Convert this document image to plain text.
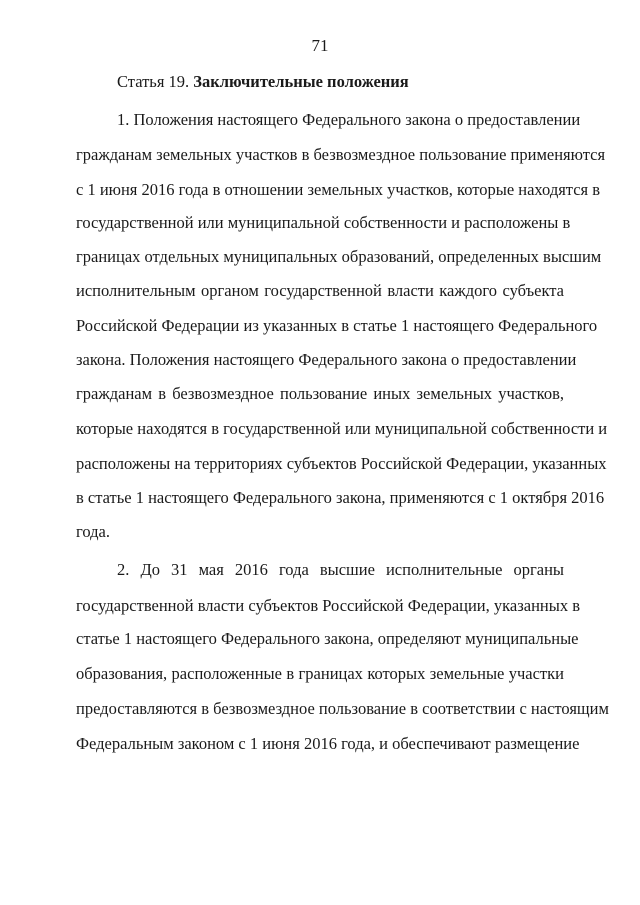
71
Статья 19. Заключительные положения
1. Положения настоящего Федерального закона о предоставлении
гражданам земельных участков в безвозмездное пользование применяются
с 1 июня 2016 года в отношении земельных участков, которые находятся в
государственной или муниципальной собственности и расположены в
границах отдельных муниципальных образований, определенных высшим
исполнительным органом государственной власти каждого субъекта
Российской Федерации из указанных в статье 1 настоящего Федерального
закона. Положения настоящего Федерального закона о предоставлении
гражданам в безвозмездное пользование иных земельных участков,
которые находятся в государственной или муниципальной собственности и
расположены на территориях субъектов Российской Федерации, указанных
в статье 1 настоящего Федерального закона, применяются с 1 октября 2016
года.
2. До 31 мая 2016 года высшие исполнительные органы
государственной власти субъектов Российской Федерации, указанных в
статье 1 настоящего Федерального закона, определяют муниципальные
образования, расположенные в границах которых земельные участки
предоставляются в безвозмездное пользование в соответствии с настоящим
Федеральным законом с 1 июня 2016 года, и обеспечивают размещение
